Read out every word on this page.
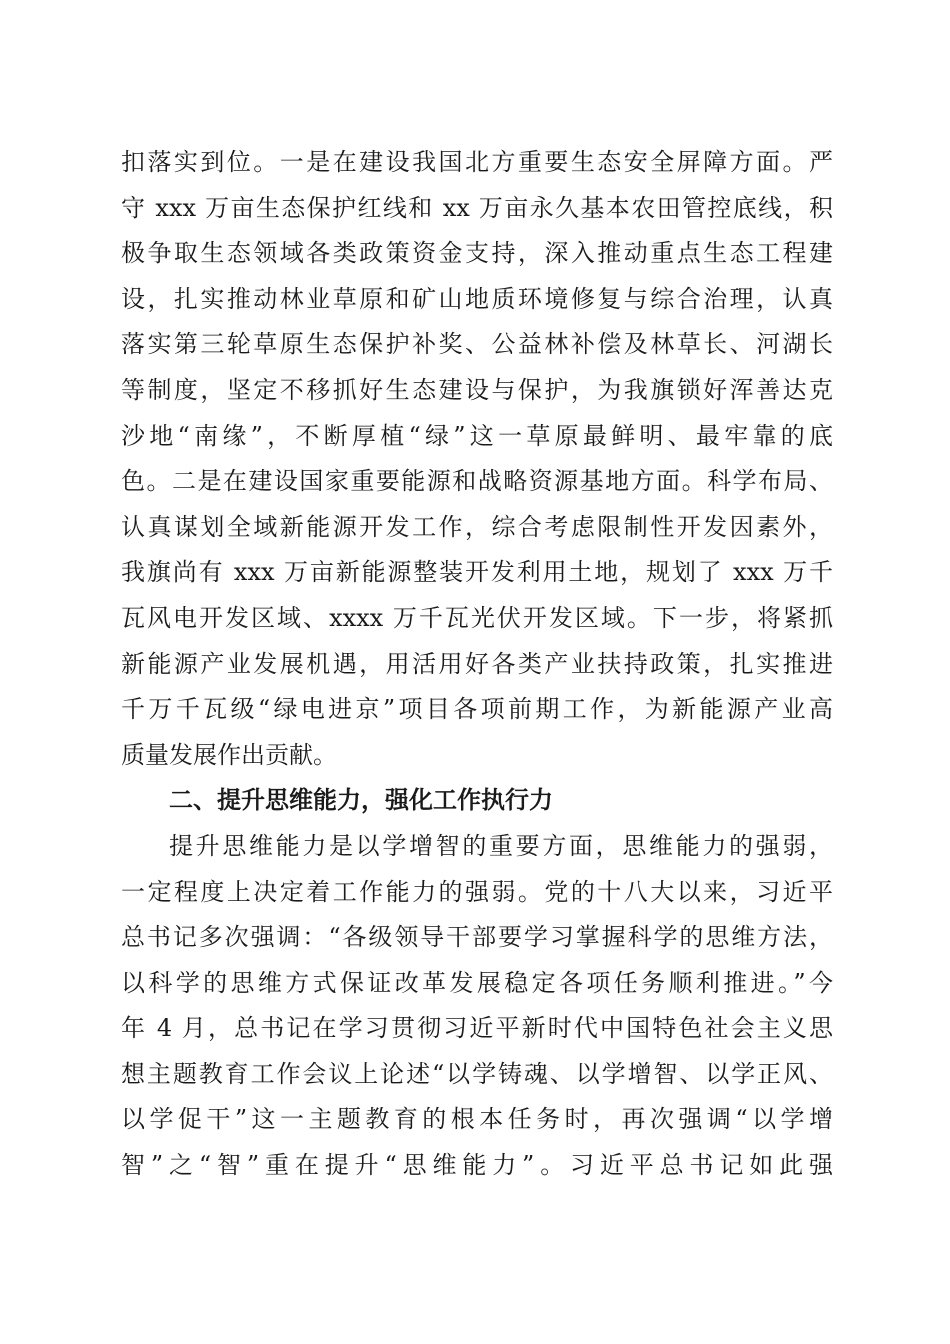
扣落实到位。一是在建设我国北方重要生态安全屏障方面。严
守 xxx 万亩生态保护红线和 xx 万亩永久基本农田管控底线，积
极争取生态领域各类政策资金支持，深入推动重点生态工程建
设，扎实推动林业草原和矿山地质环境修复与综合治理，认真
落实第三轮草原生态保护补奖、公益林补偿及林草长、河湖长
等制度，坚定不移抓好生态建设与保护，为我旗锁好浑善达克
沙地“南缘”，不断厚植“绿”这一草原最鲜明、最牢靠的底
色。二是在建设国家重要能源和战略资源基地方面。科学布局、
认真谋划全域新能源开发工作，综合考虑限制性开发因素外，
我旗尚有 xxx 万亩新能源整装开发利用土地，规划了 xxx 万千
瓦风电开发区域、xxxx 万千瓦光伏开发区域。下一步，将紧抓
新能源产业发展机遇，用活用好各类产业扶持政策，扎实推进
千万千瓦级“绿电进京”项目各项前期工作，为新能源产业高
质量发展作出贡献。
二、提升思维能力，强化工作执行力
提升思维能力是以学增智的重要方面，思维能力的强弱，
一定程度上决定着工作能力的强弱。党的十八大以来，习近平
总书记多次强调：“各级领导干部要学习掌握科学的思维方法，
以科学的思维方式保证改革发展稳定各项任务顺利推进。”今
年 4 月，总书记在学习贯彻习近平新时代中国特色社会主义思
想主题教育工作会议上论述“以学铸魂、以学增智、以学正风、
以学促干”这一主题教育的根本任务时，再次强调“以学增
智”之“智”重在提升“思维能力”。习近平总书记如此强
